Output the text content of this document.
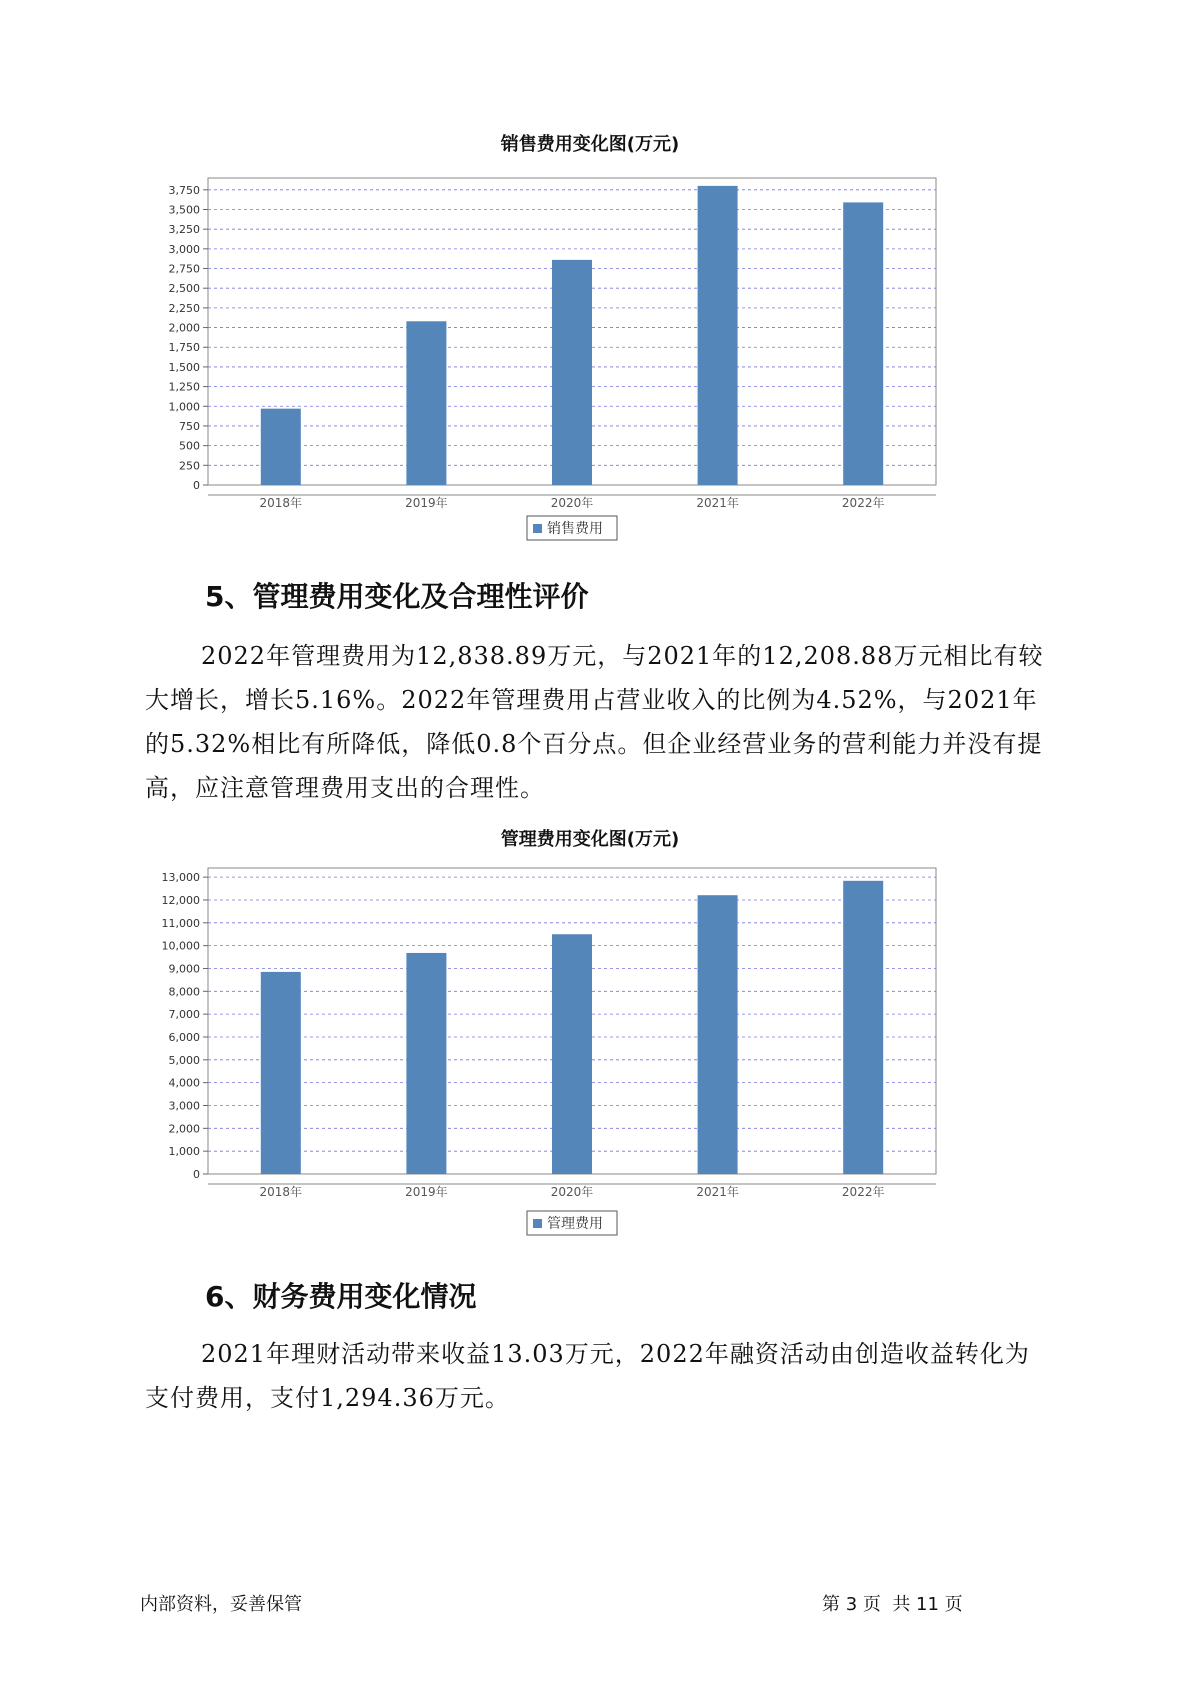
销售费用变化图(万元)
0
250
500
750
1,000
1,250
1,500
1,750
2,000
2,250
2,500
2,750
3,000
3,250
3,500
3,750
2018年	2019年	2020年	2021年	2022年
销售费用
5、管理费用变化及合理性评价

2022年管理费用为12,838.89万元，与2021年的12,208.88万元相比有较大增长，增长5.16%。2022年管理费用占营业收入的比例为4.52%，与2021年的5.32%相比有所降低，降低0.8个百分点。但企业经营业务的营利能力并没有提高，应注意管理费用支出的合理性。

管理费用变化图(万元)
0
1,000
2,000
3,000
4,000
5,000
6,000
7,000
8,000
9,000
10,000
11,000
12,000
13,000
2018年	2019年	2020年	2021年	2022年
管理费用
6、财务费用变化情况

2021年理财活动带来收益13.03万元，2022年融资活动由创造收益转化为支付费用，支付1,294.36万元。

内部资料，妥善保管	第 3 页  共 11 页
